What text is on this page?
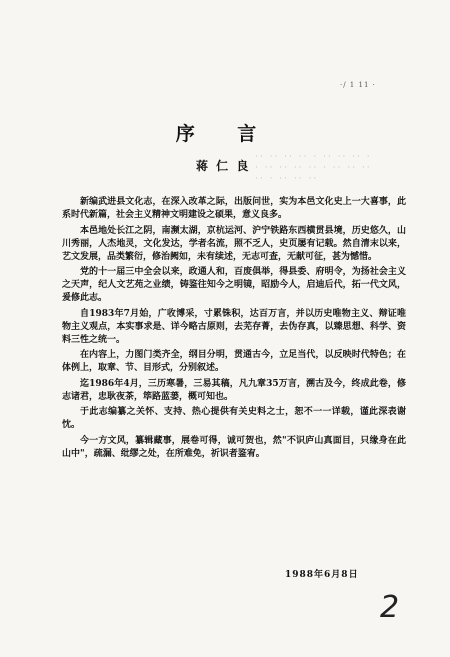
·/ 1 11 ·
序 言
蒋 仁 良
·· ·· ·· ·· · ·· ·· ·· ·
· ·· ·· ·· ·· · ·· ·· ··
·· · ·· ·· ··

新编武进县文化志，在深入改革之际，出版问世，实为本邑文化史上一大喜事，此系时代新篇，社会主义精神文明建设之硕果，意义良多。

本邑地处长江之阴，南濒太湖，京杭运河、沪宁铁路东西横贯县境，历史悠久，山川秀丽，人杰地灵，文化发达，学者名流，照不乏人，史页屡有记载。然自清末以来，艺文发展，品类繁衍，修治阙如，未有续述，无志可查，无献可征，甚为憾惜。

党的十一届三中全会以来，政通人和，百废俱举，得县委、府明令，为扬社会主义之天声，纪人文艺苑之业绩，铸鉴往知今之明镜，昭励今人，启迪后代，拓一代文风，爰修此志。

自1983年7月始，广收博采，寸累铢积，达百万言，并以历史唯物主义、辩证唯物主义观点，本实事求是、详今略古原则，去芜存菁，去伪存真，以臻思想、科学、资料三性之统一。

在内容上，力图门类齐全，纲目分明，贯通古今，立足当代，以反映时代特色；在体例上，取章、节、目形式，分别叙述。

迄1986年4月，三历寒暑，三易其稿，凡九章35万言，溯古及今，终成此卷，修志诸君，忠耿夜茶，筚路蓝蒌，概可知也。

于此志编纂之关怀、支持、热心提供有关史料之士，恕不一一详载，谨此深表谢忱。

今一方文风，纂辑藏事，展卷可得，诚可贺也，然"不识庐山真面目，只缘身在此山中"，疏漏、纰缪之处，在所难免，祈识者鉴宥。

1988年6月8日
2
